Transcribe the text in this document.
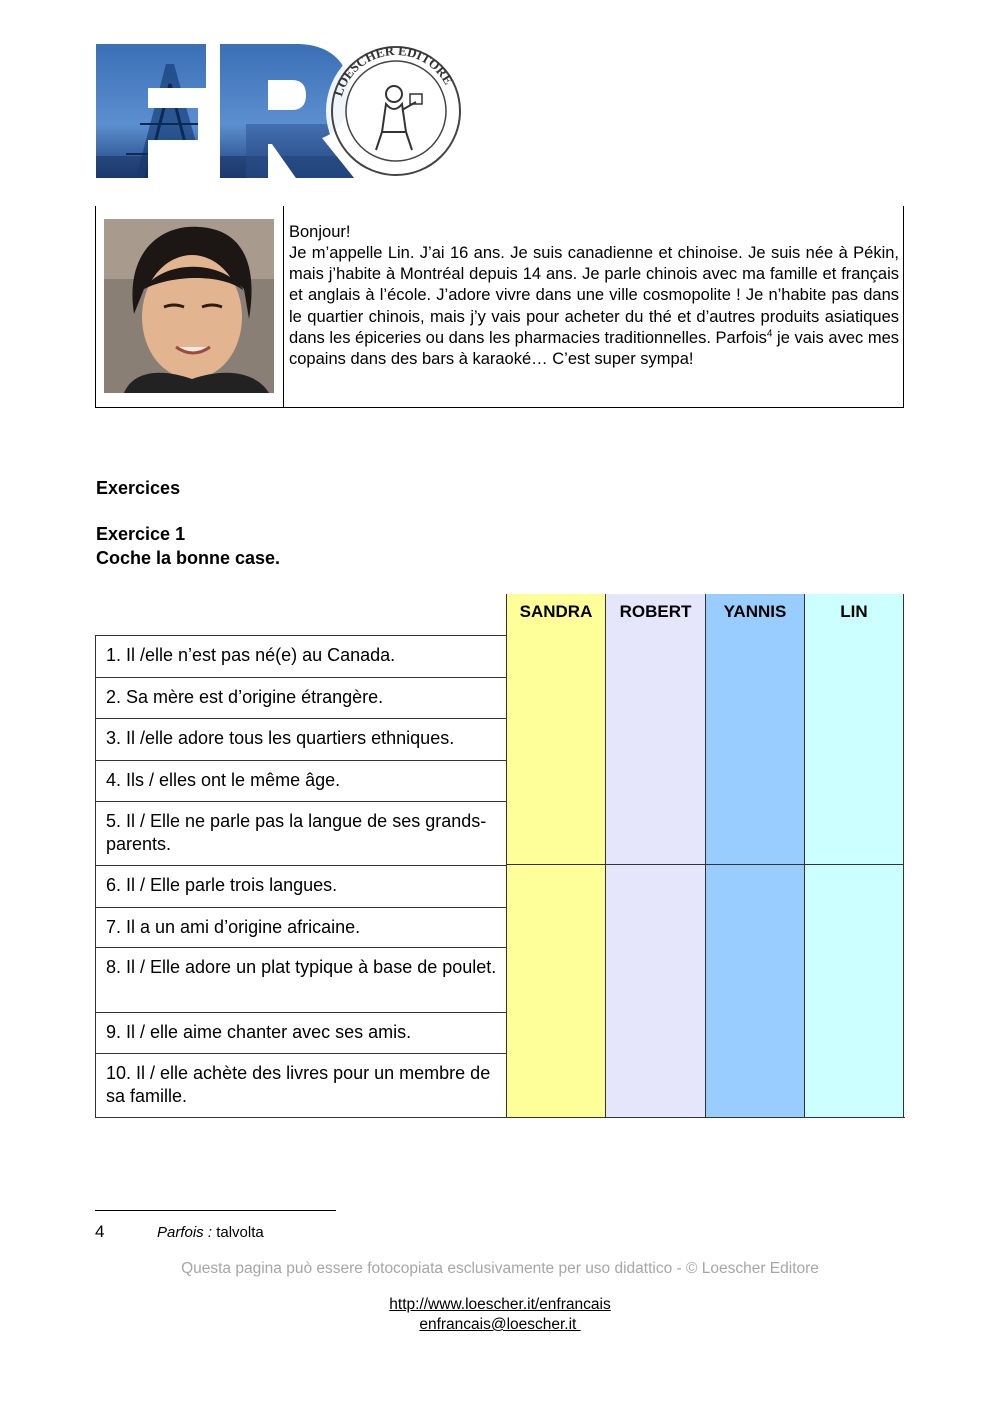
LOESCHER EDITORE
Bonjour!

Je m’appelle Lin. J’ai 16 ans. Je suis canadienne et chinoise. Je suis née à Pékin, mais j’habite à Montréal depuis 14 ans. Je parle chinois avec ma famille et français et anglais à l’école. J’adore vivre dans une ville cosmopolite ! Je n’habite pas dans le quartier chinois, mais j’y vais pour acheter du thé et d’autres produits asiatiques dans les épiceries ou dans les pharmacies traditionnelles. Parfois$^4$ je vais avec mes copains dans des bars à karaoké… C’est super sympa!

Exercices
Exercice 1
Coche la bonne case.
SANDRA	ROBERT	YANNIS	LIN
1. Il /elle n’est pas né(e) au Canada.
2. Sa mère est d’origine étrangère.
3. Il /elle adore tous les quartiers ethniques.
4. Ils / elles ont le même âge.
5. Il / Elle ne parle pas la langue de ses grands-parents.
6. Il / Elle parle trois langues.
7. Il a un ami d’origine africaine.
8. Il / Elle adore un plat typique à base de poulet.
9. Il / elle aime chanter avec ses amis.
10. Il / elle achète des livres pour un membre de sa famille.
4	Parfois : talvolta
Questa pagina può essere fotocopiata esclusivamente per uso didattico - © Loescher Editore
http://www.loescher.it/enfrancais
enfrancais@loescher.it
